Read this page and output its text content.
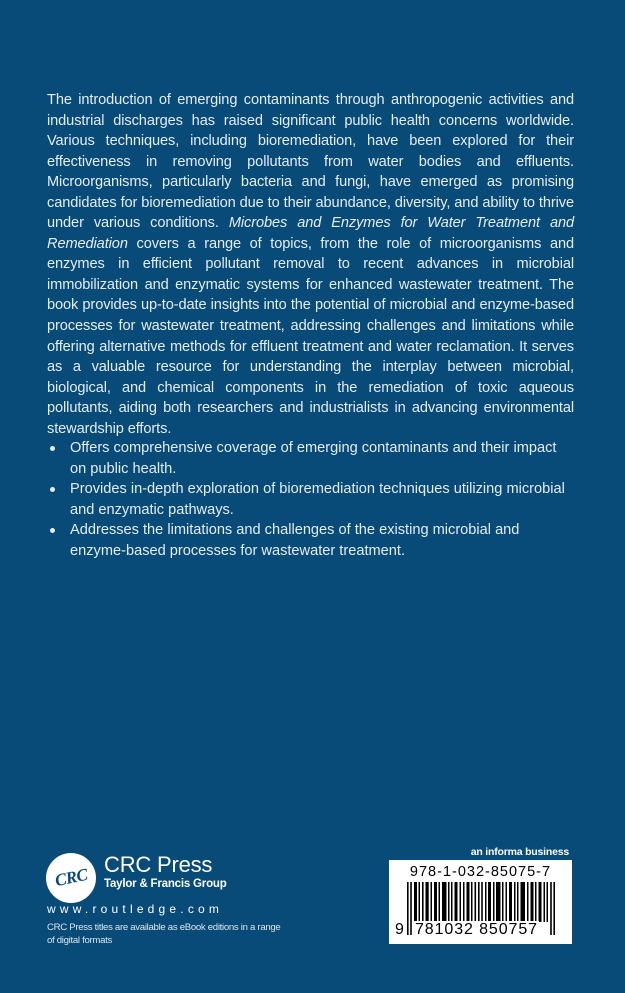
The introduction of emerging contaminants through anthropogenic activities and industrial discharges has raised significant public health concerns worldwide. Various techniques, including bioremediation, have been explored for their effectiveness in removing pollutants from water bodies and effluents. Microorganisms, particularly bacteria and fungi, have emerged as promising candidates for bioremediation due to their abundance, diversity, and ability to thrive under various conditions. Microbes and Enzymes for Water Treatment and Remediation covers a range of topics, from the role of microorganisms and enzymes in efficient pollutant removal to recent advances in microbial immobilization and enzymatic systems for enhanced wastewater treatment. The book provides up-to-date insights into the potential of microbial and enzyme-based processes for wastewater treatment, addressing challenges and limitations while offering alternative methods for effluent treatment and water reclamation. It serves as a valuable resource for understanding the interplay between microbial, biological, and chemical components in the remediation of toxic aqueous pollutants, aiding both researchers and industrialists in advancing environmental stewardship efforts.

Offers comprehensive coverage of emerging contaminants and their impact on public health.
Provides in-depth exploration of bioremediation techniques utilizing microbial and enzymatic pathways.
Addresses the limitations and challenges of the existing microbial and enzyme-based processes for wastewater treatment.
CRC
CRC Press
Taylor & Francis Group
www.routledge.com
CRC Press titles are available as eBook editions in a range of digital formats
an informa business
978-1-032-85075-7
9 781032 850757
